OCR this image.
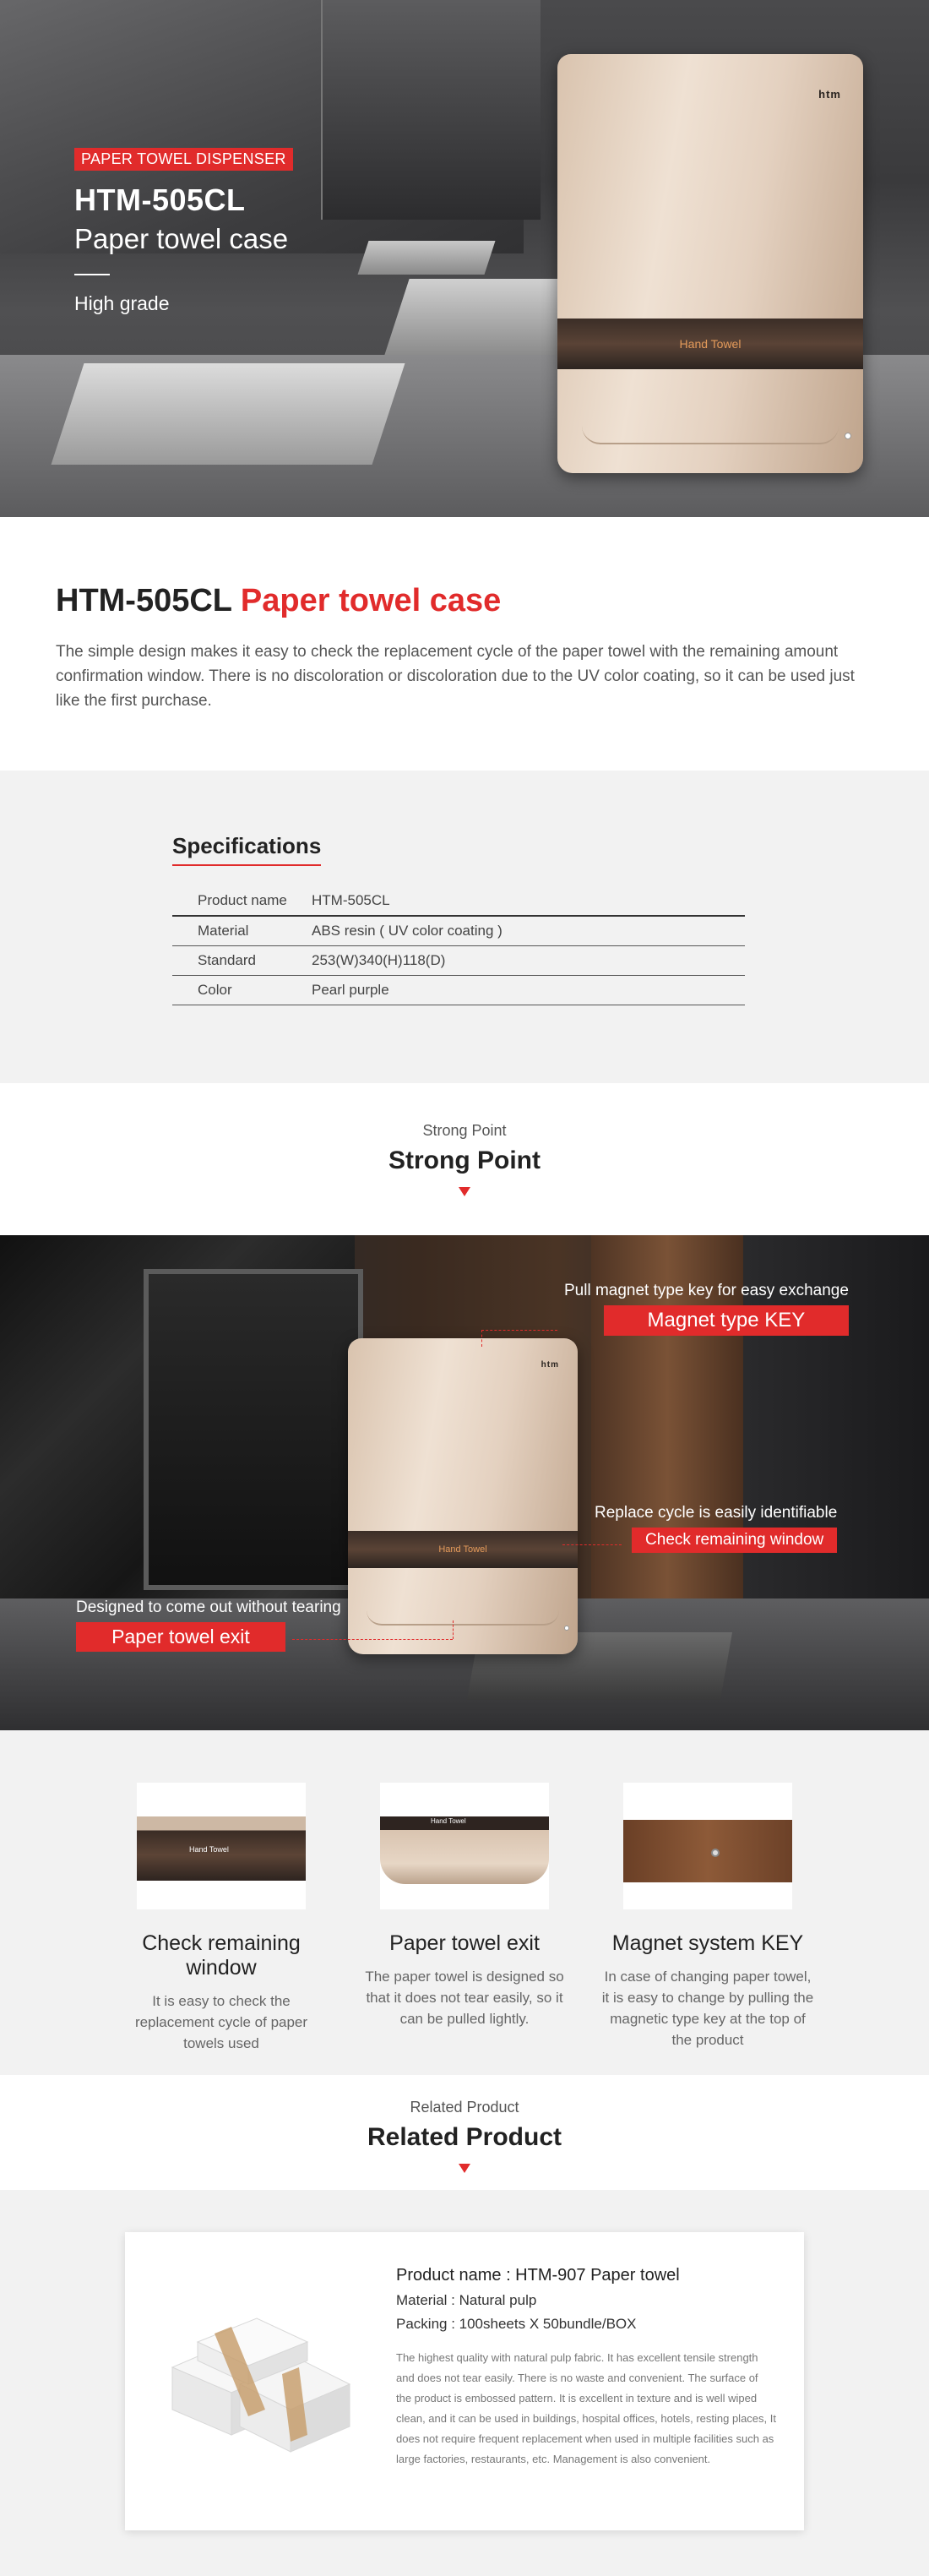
htm
Hand Towel
PAPER TOWEL DISPENSER
HTM-505CL
Paper towel case
High grade
HTM-505CL Paper towel case

The simple design makes it easy to check the replacement cycle of the paper towel with the remaining amount confirmation window. There is no discoloration or discoloration due to the UV color coating, so it can be used just like the first purchase.

Specifications
Product name	HTM-505CL
Material	ABS resin ( UV color coating )
Standard	253(W)340(H)118(D)
Color	Pearl purple
Strong Point
Strong Point
htm
Hand Towel
Pull magnet type key for easy exchange
Magnet type KEY
Replace cycle is easily identifiable
Check remaining window
Designed to come out without tearing
Paper towel exit
Hand Towel
Check remaining window
It is easy to check the replacement cycle of paper towels used
Hand Towel
Paper towel exit
The paper towel is designed so that it does not tear easily, so it can be pulled lightly.
Magnet system KEY
In case of changing paper towel, it is easy to change by pulling the magnetic type key at the top of the product
Related Product
Related Product
Product name : HTM-907 Paper towel
Material : Natural pulp
Packing : 100sheets X 50bundle/BOX
The highest quality with natural pulp fabric. It has excellent tensile strength and does not tear easily. There is no waste and convenient. The surface of the product is embossed pattern. It is excellent in texture and is well wiped clean, and it can be used in buildings, hospital offices, hotels, resting places, It does not require frequent replacement when used in multiple facilities such as large factories, restaurants, etc. Management is also convenient.
